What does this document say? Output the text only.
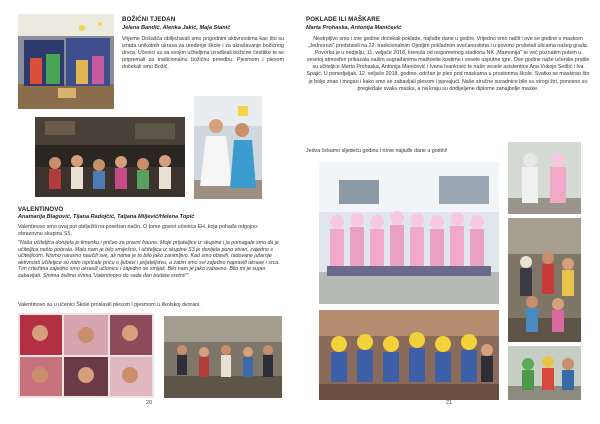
BOŽIĆNI TJEDAN
Jelena Bandić, Alenka Jakić, Maja Stanić
Vrijeme Došašća obilježavali smo prigodnim aktivnostima kao što su izrada unikatnih ukrasa za uređenje škole i za ukrašavanje božićnog drvca. Učenici su sa svojim učiteljima izrađivali božićne čestitke te se pripremali za tradicionalnu božićnu priredbu. Pjesmom i plesom dočekali smo Božić.
VALENTINOVO
Anamarija Blagović, Tijana Radojčić, Tatjana Miljević/Helena Topić
Valentinovo smo ovaj put obilježili na poseban način. O tome govori učenica EH. koja pohađa odgojno-obrazovnu skupinu S5.
"Naša učiteljica donijela je limenku i pričao za pravni fraune. Moje prijateljice iz skupine i ja pomagale smo da je učiteljica nešto pobrala. Malo nam je bilo smiješno, i učiteljica iz skupine S3 je donijela puno stvari, zajedno s učiteljicom. Nismo naravno naučili sve, ali nama je to bilo jako zanimljivo. Kad smo obavili, radovane jutarnje aktivnosti učiteljice su nam ispričale priču o ljubavi i prijateljstvu, a zatim smo svi zajedno napravili ukrase i srca. Tim crtežima zajedno smo ukrasili učionicu i zajedno se smijali. Bilo nam je jako zabavno. Bilo mi je super zabavljati. Sinima želimo svima 'Valentinovo do sada dan budete sretni!'"
Valentinovo su u učenici Škole proslavili plesom i pjesmom u školskoj dvorani.
20
POKLADE ILI MAŠKARE
Marta Prohaska, Antonija Manićević
Nestrpljivo smo i ove godine dočekali poklade, najluđe dane u godini. Vrijedno smo radili i ove se godine s maskom „Jednorozi" predstavili na 22. tradicionalnim Ojedjim pokladnim svečanostima i u povorci prošetali ulicama našeg grada. Povorka je u nedjelju, 11. veljače 2018, krenula od nogometnog stadiona NK „Mamonija" te već poznatim putem u veseloj atmosferi prikazala našim sugrađanima maštovite kostime i vesele usputne igre. Ove godine naše učenike pratile su učiteljice Marta Prohaska, Antonija Manićević i Ivana Ivanković te naše vesele asistentice Ana Vukoje Sedlić i Iva Spajić. U ponedjeljak, 12. veljače 2018. godine, održan je ples pod maskama u prostorima škole. Svatko se maskirao što je bolje znao i mogao i kako smo se zabavljali plesom i pjevajući. Naše stručne suradnice bile su strogi žiri, ponosno su pregledale svaku masku, a na kraju su dodijeljene diplome zanajbolje maske.
Jedva čekamo sljedeću godinu i nove najluđe dane u godini!
21
